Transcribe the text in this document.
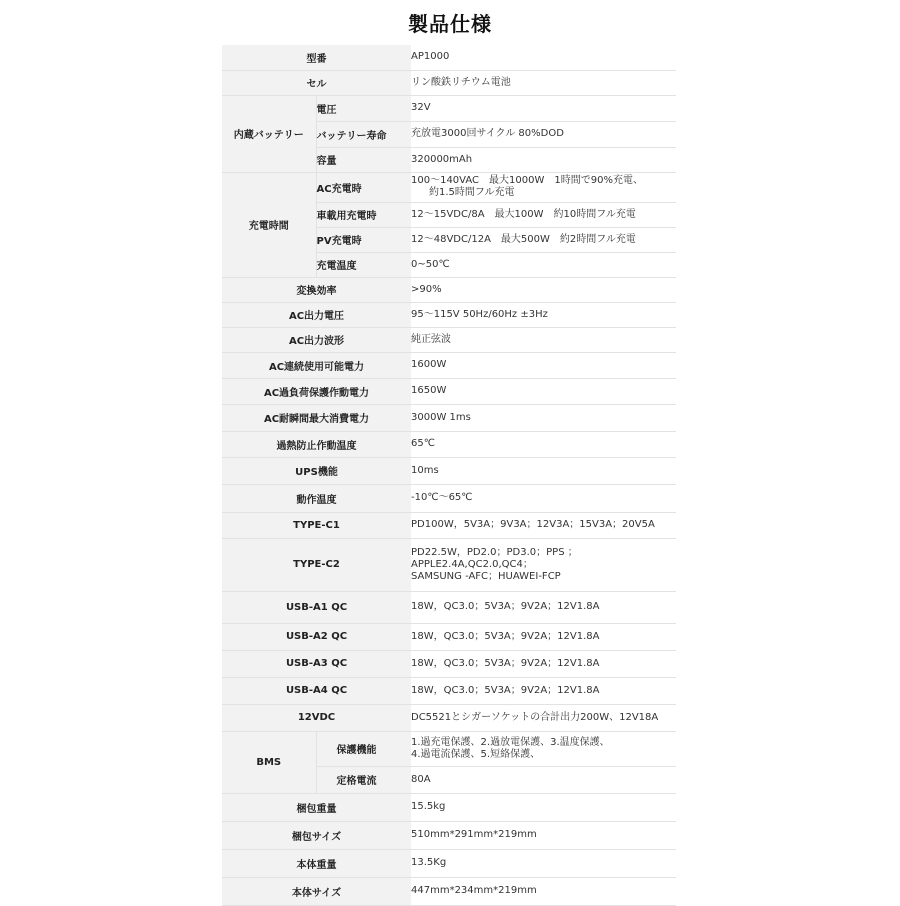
製品仕様
型番		AP1000
セル		リン酸鉄リチウム電池
内蔵バッテリー	電圧	32V
	バッテリー寿命	充放電3000回サイクル 80%DOD
	容量	320000mAh
充電時間	AC充電時	100〜140VAC　最大1000W　1時間で90%充電、
約1.5時間フル充電

	車載用充電時	12〜15VDC/8A　最大100W　約10時間フル充電
	PV充電時	12〜48VDC/12A　最大500W　約2時間フル充電
	充電温度	0~50℃
変換効率		>90%
AC出力電圧		95〜115V 50Hz/60Hz ±3Hz
AC出力波形		純正弦波
AC連続使用可能電力		1600W
AC過負荷保護作動電力		1650W
AC耐瞬間最大消費電力		3000W 1ms
過熱防止作動温度		65℃
UPS機能		10ms
動作温度		-10℃〜65℃
TYPE-C1		PD100W，5V3A；9V3A；12V3A；15V3A；20V5A
TYPE-C2		PD22.5W，PD2.0；PD3.0；PPS ；
APPLE2.4A,QC2.0,QC4；
SAMSUNG -AFC；HUAWEI-FCP

USB-A1 QC		18W，QC3.0；5V3A；9V2A；12V1.8A
USB-A2 QC		18W，QC3.0；5V3A；9V2A；12V1.8A
USB-A3 QC		18W，QC3.0；5V3A；9V2A；12V1.8A
USB-A4 QC		18W，QC3.0；5V3A；9V2A；12V1.8A
12VDC		DC5521とシガーソケットの合計出力200W、12V18A
BMS	保護機能	1.過充電保護、2.過放電保護、3.温度保護、
4.過電流保護、5.短絡保護、

	定格電流	80A
梱包重量		15.5kg
梱包サイズ		510mm*291mm*219mm
本体重量		13.5Kg
本体サイズ		447mm*234mm*219mm
